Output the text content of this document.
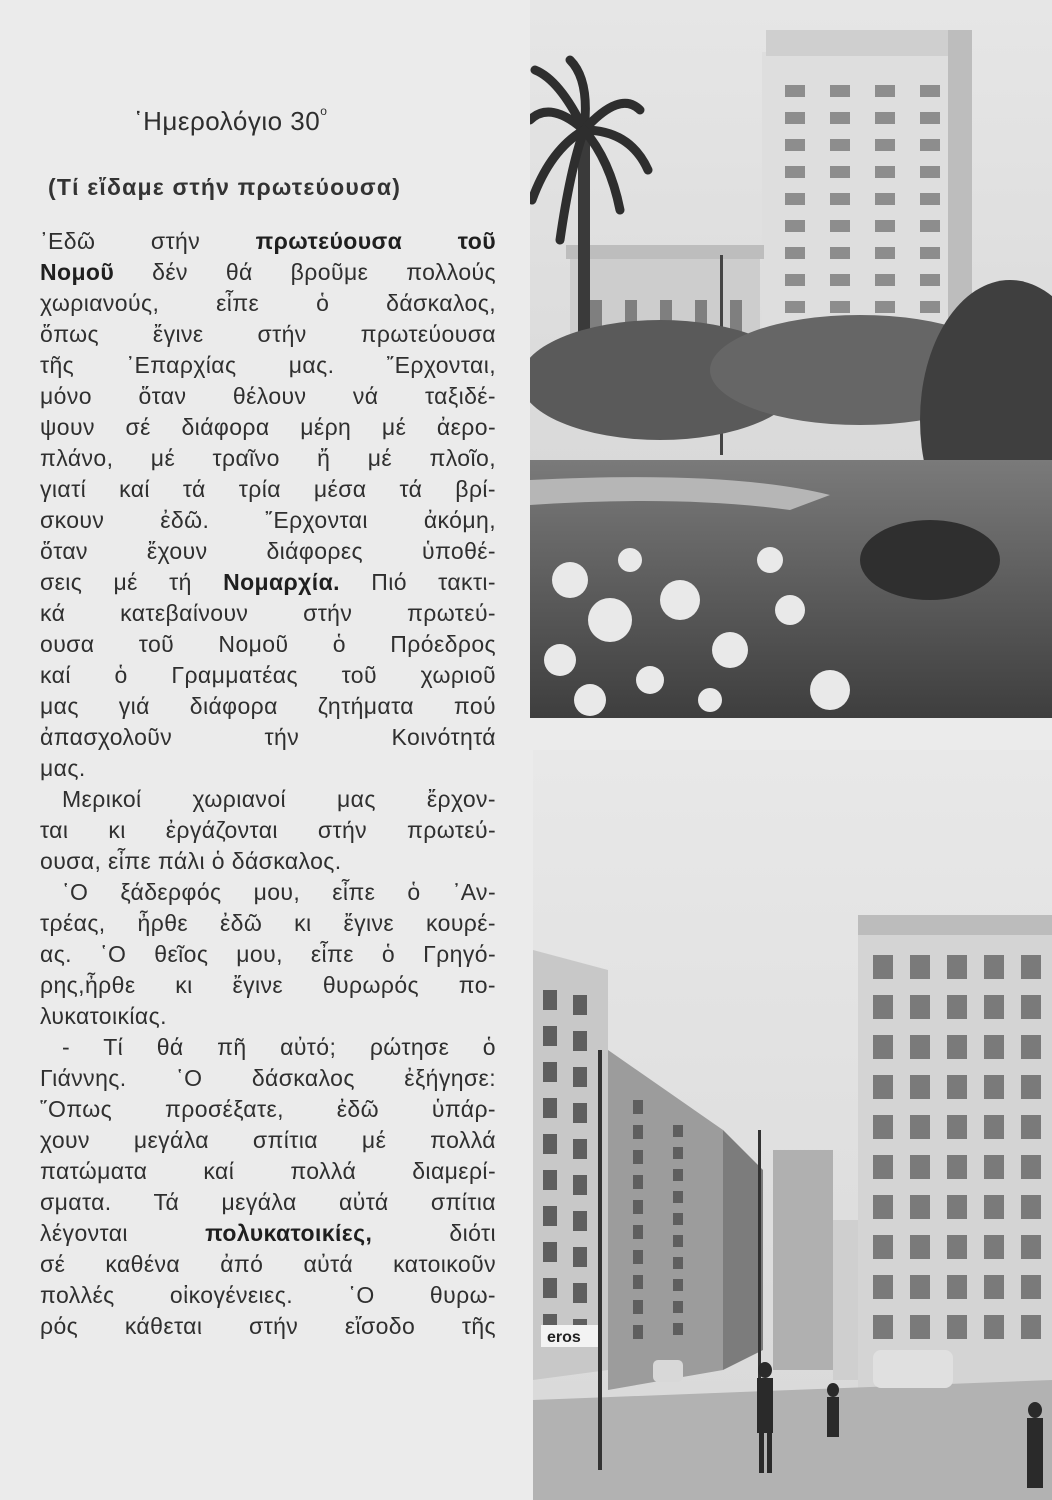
῾Ημερολόγιο $30^o$
(Τί εἴδαμε στήν πρωτεύουσα)
᾿Εδῶ στήν πρωτεύουσα τοῦ
Νομοῦ δέν θά βροῦμε πολλούς
χωριανούς, εἶπε ὁ δάσκαλος,
ὅπως ἔγινε στήν πρωτεύουσα
τῆς ᾿Επαρχίας μας. ῎Ερχονται,
μόνο ὅταν θέλουν νά ταξιδέ-
ψουν σέ διάφορα μέρη μέ ἀερο-
πλάνο, μέ τραῖνο ἤ μέ πλοῖο,
γιατί καί τά τρία μέσα τά βρί-
σκουν ἐδῶ. ῎Ερχονται ἀκόμη,
ὅταν ἔχουν διάφορες ὑποθέ-
σεις μέ τή Νομαρχία. Πιό τακτι-
κά κατεβαίνουν στήν πρωτεύ-
ουσα τοῦ Νομοῦ ὁ Πρόεδρος
καί ὁ Γραμματέας τοῦ χωριοῦ
μας γιά διάφορα ζητήματα πού
ἀπασχολοῦν τήν Κοινότητά
μας.
Μερικοί χωριανοί μας ἔρχον-
ται κι ἐργάζονται στήν πρωτεύ-
ουσα, εἶπε πάλι ὁ δάσκαλος.
῾Ο ξάδερφός μου, εἶπε ὁ ᾿Αν-
τρέας, ἦρθε ἐδῶ κι ἔγινε κουρέ-
ας. ῾Ο θεῖος μου, εἶπε ὁ Γρηγό-
ρης,ἦρθε κι ἔγινε θυρωρός πο-
λυκατοικίας.
- Τί θά πῆ αὐτό; ρώτησε ὁ
Γιάννης. ῾Ο δάσκαλος ἐξήγησε:
῞Οπως προσέξατε, ἐδῶ ὑπάρ-
χουν μεγάλα σπίτια μέ πολλά
πατώματα καί πολλά διαμερί-
σματα. Τά μεγάλα αὐτά σπίτια
λέγονται πολυκατοικίες, διότι
σέ καθένα ἀπό αὐτά κατοικοῦν
πολλές οἰκογένειες. ῾Ο θυρω-
ρός κάθεται στήν εἴσοδο τῆς	eros
